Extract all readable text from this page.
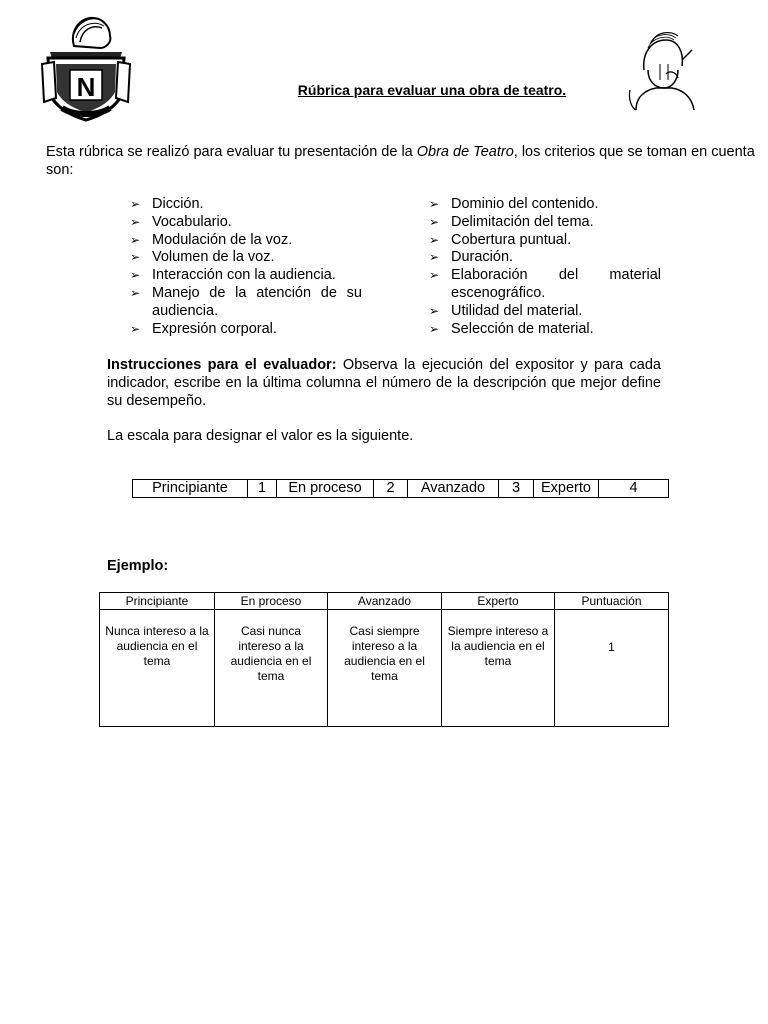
N	Rúbrica para evaluar una obra de teatro.
Esta rúbrica se realizó para evaluar tu presentación de la Obra de Teatro, los criterios que se toman en cuenta son:
➢ Dicción.
➢ Vocabulario.
➢ Modulación de la voz.
➢ Volumen de la voz.
➢ Interacción con la audiencia.
➢ Manejo de la atención de su audiencia.
➢ Expresión corporal.
➢ Dominio del contenido.
➢ Delimitación del tema.
➢ Cobertura puntual.
➢ Duración.
➢ Elaboración del material escenográfico.
➢ Utilidad del material.
➢ Selección de material.
Instrucciones para el evaluador: Observa la ejecución del expositor y para cada indicador, escribe en la última columna el número de la descripción que mejor define su desempeño.
La escala para designar el valor es la siguiente.
Principiante	1	En proceso	2	Avanzado	3	Experto	4
Ejemplo:
Principiante	En proceso	Avanzado	Experto	Puntuación
Nunca intereso a la audiencia en el tema	Casi nunca intereso a la audiencia en el tema	Casi siempre intereso a la audiencia en el tema	Siempre intereso a la audiencia en el tema	1
